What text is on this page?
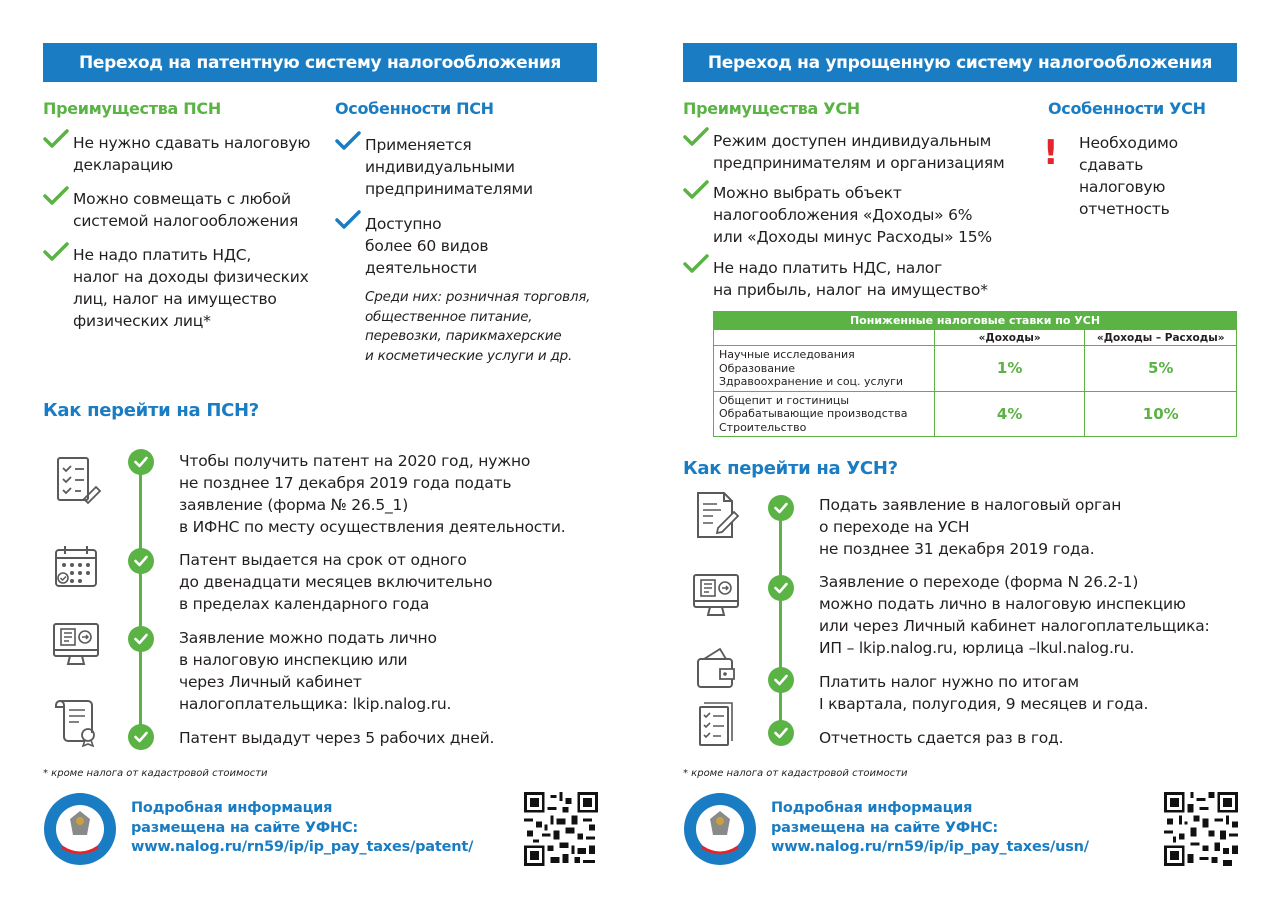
Переход на патентную систему налогообложения
Преимущества ПСН
Не нужно сдавать налоговую
декларацию
Можно совмещать с любой
системой налогообложения
Не надо платить НДС,
налог на доходы физических
лиц, налог на имущество
физических лиц*
Особенности ПСН
Применяется
индивидуальными
предпринимателями
Доступно
более 60 видов
деятельности
Среди них: розничная торговля,
общественное питание,
перевозки, парикмахерские
и косметические услуги и др.
Как перейти на ПСН?
Чтобы получить патент на 2020 год, нужно
не позднее 17 декабря 2019 года подать
заявление (форма № 26.5_1)
в ИФНС по месту осуществления деятельности.
Патент выдается на срок от одного
до двенадцати месяцев включительно
в пределах календарного года
Заявление можно подать лично
в налоговую инспекцию или
через Личный кабинет
налогоплательщика: lkip.nalog.ru.
Патент выдадут через 5 рабочих дней.
* кроме налога от кадастровой стоимости
Подробная информация
размещена на сайте УФНС:
www.nalog.ru/rn59/ip/ip_pay_taxes/patent/
Переход на упрощенную систему налогообложения
Преимущества УСН
Режим доступен индивидуальным
предпринимателям и организациям
Можно выбрать объект
налогообложения «Доходы» 6%
или «Доходы минус Расходы» 15%
Не надо платить НДС, налог
на прибыль, налог на имущество*
Особенности УСН
! Необходимо
сдавать
налоговую
отчетность
Пониженные налоговые ставки по УСН		
	«Доходы»	«Доходы – Расходы»
Научные исследования
Образование
Здравоохранение и соц. услуги	1%	5%
Общепит и гостиницы
Обрабатывающие производства
Строительство	4%	10%
Как перейти на УСН?
Подать заявление в налоговый орган
о переходе на УСН
не позднее 31 декабря 2019 года.
Заявление о переходе (форма N 26.2-1)
можно подать лично в налоговую инспекцию
или через Личный кабинет налогоплательщика:
ИП – lkip.nalog.ru, юрлица –lkul.nalog.ru.
Платить налог нужно по итогам
I квартала, полугодия, 9 месяцев и года.
Отчетность сдается раз в год.
* кроме налога от кадастровой стоимости
Подробная информация
размещена на сайте УФНС:
www.nalog.ru/rn59/ip/ip_pay_taxes/usn/
